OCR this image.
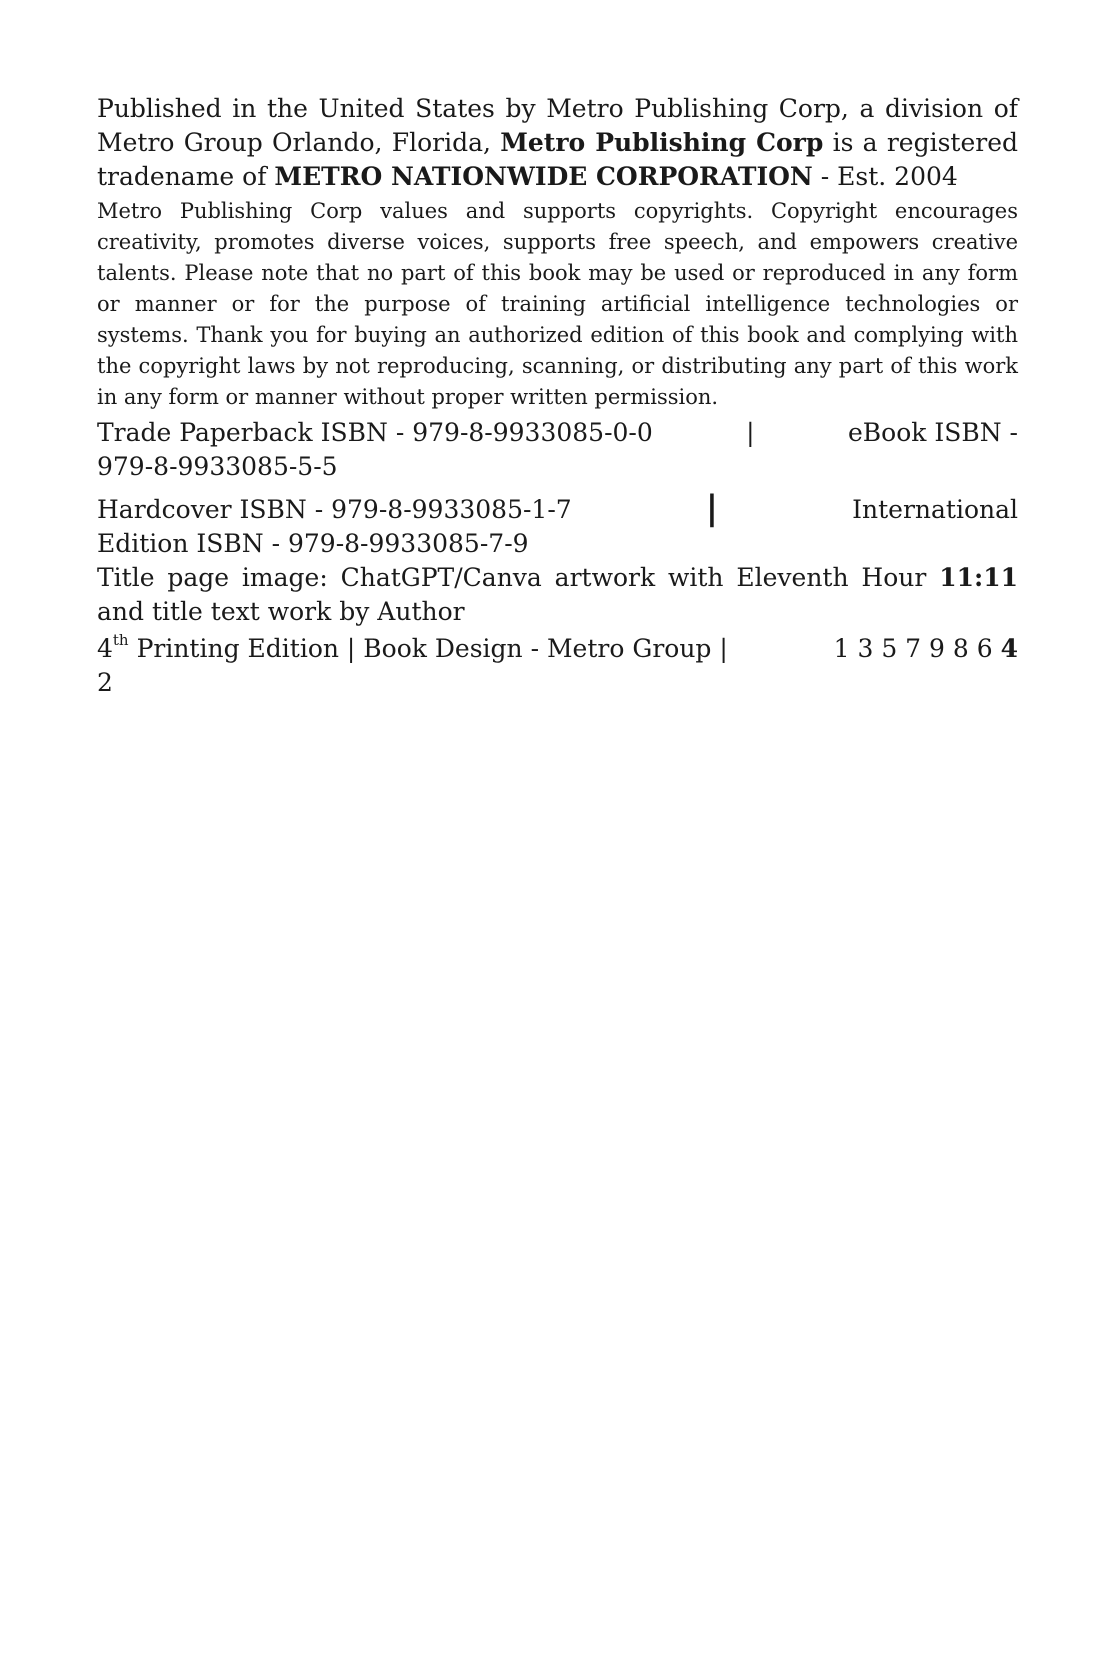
Published in the United States by Metro Publishing Corp, a division of Metro Group Orlando, Florida, Metro Publishing Corp is a registered tradename of METRO NATIONWIDE CORPORATION - Est. 2004

Metro Publishing Corp values and supports copyrights. Copyright encourages creativity, promotes diverse voices, supports free speech, and empowers creative talents. Please note that no part of this book may be used or reproduced in any form or manner or for the purpose of training artificial intelligence technologies or systems. Thank you for buying an authorized edition of this book and complying with the copyright laws by not reproducing, scanning, or distributing any part of this work in any form or manner without proper written permission.

Trade Paperback ISBN - 979-8-9933085-0-0	|	eBook ISBN -

979-8-9933085-5-5

Hardcover ISBN - 979-8-9933085-1-7	|	International

Edition ISBN - 979-8-9933085-7-9

Title page image: ChatGPT/Canva artwork with Eleventh Hour 11:11 and title text work by Author

4th Printing Edition | Book Design - Metro Group |	1 3 5 7 9 8 6 4

2
